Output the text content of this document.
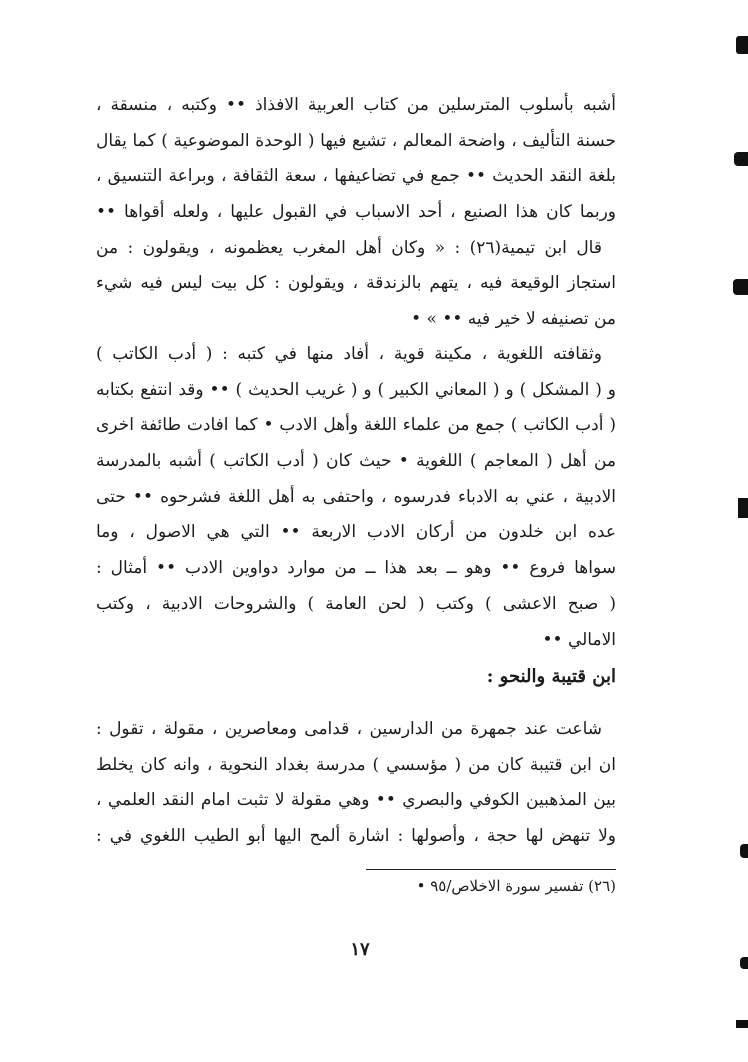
أشبه بأسلوب المترسلين من كتاب العربية الافذاذ •• وكتبه ، منسقة ،
حسنة التأليف ، واضحة المعالم ، تشيع فيها ( الوحدة الموضوعية ) كما يقال
بلغة النقد الحديث •• جمع في تضاعيفها ، سعة الثقافة ، وبراعة التنسيق ،
وربما كان هذا الصنيع ، أحد الاسباب في القبول عليها ، ولعله أقواها ••
قال ابن تيمية(٢٦) : « وكان أهل المغرب يعظمونه ، ويقولون : من
استجاز الوقيعة فيه ، يتهم بالزندقة ، ويقولون : كل بيت ليس فيه شيء
من تصنيفه لا خير فيه •• » •
وثقافته اللغوية ، مكينة قوية ، أفاد منها في كتبه : ( أدب الكاتب )
و ( المشكل ) و ( المعاني الكبير ) و ( غريب الحديث ) •• وقد انتفع بكتابه
( أدب الكاتب ) جمع من علماء اللغة وأهل الادب • كما افادت طائفة اخرى
من أهل ( المعاجم ) اللغوية • حيث كان ( أدب الكاتب ) أشبه بالمدرسة
الادبية ، عني به الادباء فدرسوه ، واحتفى به أهل اللغة فشرحوه •• حتى
عده ابن خلدون من أركان الادب الاربعة •• التي هي الاصول ، وما
سواها فروع •• وهو ــ بعد هذا ــ من موارد دواوين الادب •• أمثال :
( صبح الاعشى ) وكتب ( لحن العامة ) والشروحات الادبية ، وكتب
الامالي ••
ابن قتيبة والنحو :
شاعت عند جمهرة من الدارسين ، قدامى ومعاصرين ، مقولة ، تقول :
ان ابن قتيبة كان من ( مؤسسي ) مدرسة بغداد النحوية ، وانه كان يخلط
بين المذهبين الكوفي والبصري •• وهي مقولة لا تثبت امام النقد العلمي ،
ولا تنهض لها حجة ، وأصولها : اشارة ألمح اليها أبو الطيب اللغوي في :
(٢٦) تفسير سورة الاخلاص/٩٥ •
١٧
